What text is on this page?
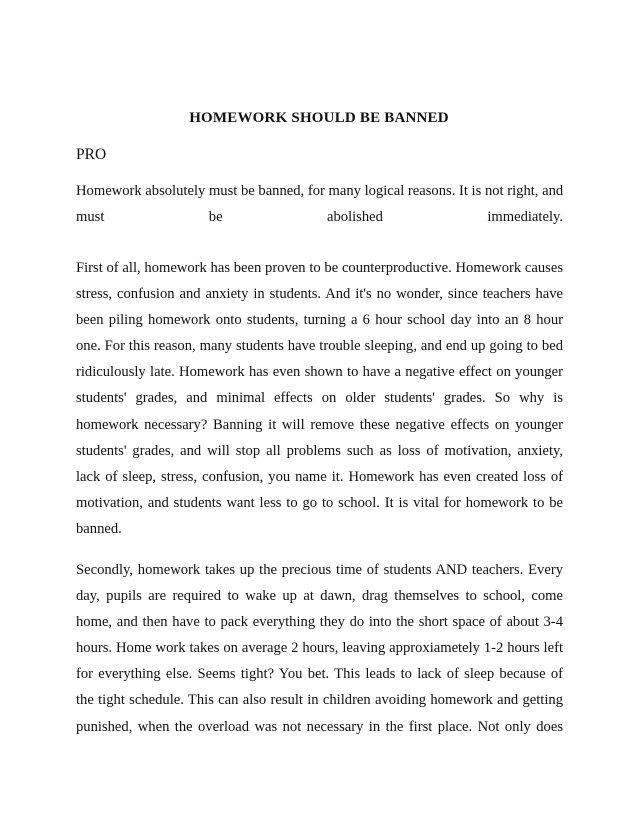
HOMEWORK SHOULD BE BANNED
PRO
Homework absolutely must be banned, for many logical reasons. It is not right, and
must be abolished immediately.
First of all, homework has been proven to be counterproductive. Homework causes
stress, confusion and anxiety in students. And it's no wonder, since teachers have
been piling homework onto students, turning a 6 hour school day into an 8 hour
one. For this reason, many students have trouble sleeping, and end up going to bed
ridiculously late. Homework has even shown to have a negative effect on younger
students' grades, and minimal effects on older students' grades. So why is
homework necessary? Banning it will remove these negative effects on younger
students' grades, and will stop all problems such as loss of motivation, anxiety,
lack of sleep, stress, confusion, you name it. Homework has even created loss of
motivation, and students want less to go to school. It is vital for homework to be
banned.
Secondly, homework takes up the precious time of students AND teachers. Every
day, pupils are required to wake up at dawn, drag themselves to school, come
home, and then have to pack everything they do into the short space of about 3-4
hours. Home work takes on average 2 hours, leaving approxiametely 1-2 hours left
for everything else. Seems tight? You bet. This leads to lack of sleep because of
the tight schedule. This can also result in children avoiding homework and getting
punished, when the overload was not necessary in the first place. Not only does
